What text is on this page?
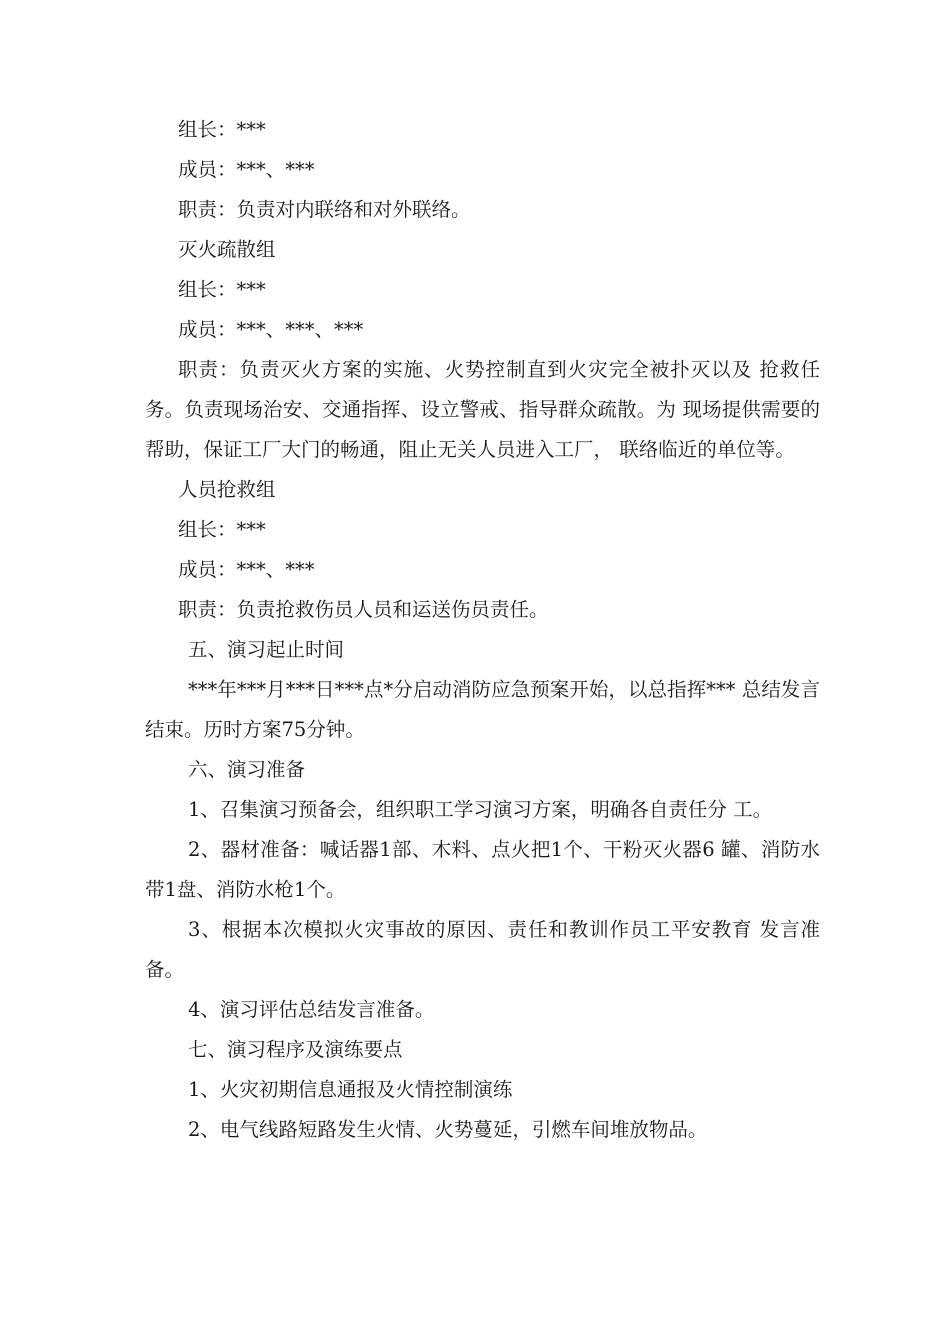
组长：***

成员：***、***

职责：负责对内联络和对外联络。

灭火疏散组

组长：***

成员：***、***、***

职责：负责灭火方案的实施、火势控制直到火灾完全被扑灭以及 抢救任务。负责现场治安、交通指挥、设立警戒、指导群众疏散。为 现场提供需要的帮助，保证工厂大门的畅通，阻止无关人员进入工厂， 联络临近的单位等。

人员抢救组

组长：***

成员：***、***

职责：负责抢救伤员人员和运送伤员责任。

五、演习起止时间

***年***月***日***点*分启动消防应急预案开始，以总指挥*** 总结发言结束。历时方案75分钟。

六、演习准备

1、召集演习预备会，组织职工学习演习方案，明确各自责任分 工。

2、器材准备：喊话器1部、木料、点火把1个、干粉灭火器6 罐、消防水带1盘、消防水枪1个。

3、根据本次模拟火灾事故的原因、责任和教训作员工平安教育 发言准备。

4、演习评估总结发言准备。

七、演习程序及演练要点

1、火灾初期信息通报及火情控制演练

2、电气线路短路发生火情、火势蔓延，引燃车间堆放物品。
